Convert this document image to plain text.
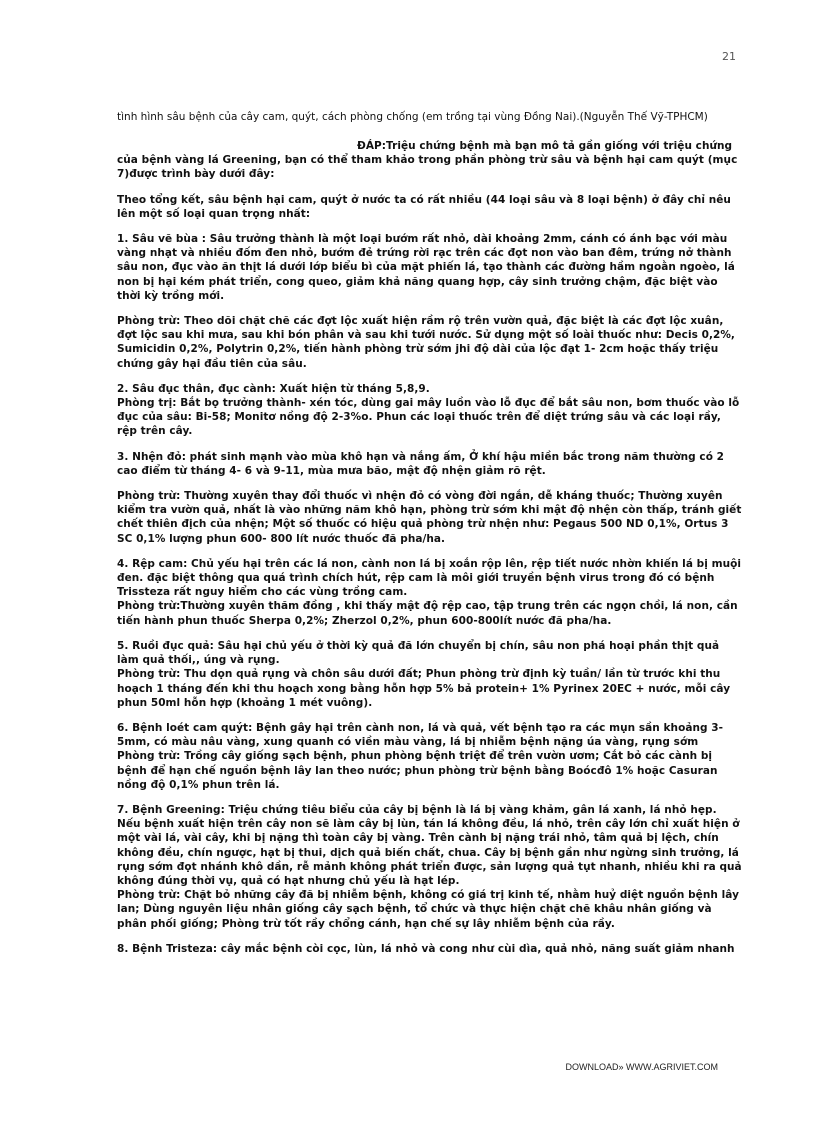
21
tình hình sâu bệnh của cây cam, quýt, cách phòng chống (em trồng tại vùng Đồng Nai).(Nguyễn Thế Vỹ-TPHCM)

ĐÁP:Triệu chứng bệnh mà bạn mô tả gần giống với triệu chứng của bệnh vàng lá Greening, bạn có thể tham khảo trong phần phòng trừ sâu và bệnh hại cam quýt (mục 7)được trình bày dưới đây:

Theo tổng kết, sâu bệnh hại cam, quýt ở nước ta có rất nhiều (44 loại sâu và 8 loại bệnh) ở đây chỉ nêu lên một số loại quan trọng nhất:

1. Sâu vẽ bùa : Sâu trưởng thành là một loại bướm rất nhỏ, dài khoảng 2mm, cánh có ánh bạc với màu vàng nhạt và nhiều đốm đen nhỏ, bướm đẻ trứng rời rạc trên các đọt non vào ban đêm, trứng nở thành sâu non, đục vào ăn thịt lá dưới lớp biểu bì của mặt phiến lá, tạo thành các đường hầm ngoằn ngoèo, lá non bị hại kém phát triển, cong queo, giảm khả năng quang hợp, cây sinh trưởng chậm, đặc biệt vào thời kỳ trồng mới.

Phòng trừ: Theo dõi chặt chẽ các đợt lộc xuất hiện rầm rộ trên vườn quả, đặc biệt là các đợt lộc xuân, đợt lộc sau khi mưa, sau khi bón phân và sau khi tưới nước. Sử dụng một số loài thuốc như: Decis 0,2%, Sumicidin 0,2%, Polytrin 0,2%, tiến hành phòng trừ sớm jhi độ dài của lộc đạt 1- 2cm hoặc thấy triệu chứng gây hại đầu tiên của sâu.

2. Sâu đục thân, đục cành: Xuất hiện từ tháng 5,8,9.
Phòng trị: Bắt bọ trưởng thành- xén tóc, dùng gai mây luồn vào lỗ đục để bắt sâu non, bơm thuốc vào lỗ đục của sâu: Bi-58; Monitơ nồng độ 2-3%o. Phun các loại thuốc trên để diệt trứng sâu và các loại rầy, rệp trên cây.

3. Nhện đỏ: phát sinh mạnh vào mùa khô hạn và nắng ấm, Ở khí hậu miền bắc trong năm thường có 2 cao điểm từ tháng 4- 6 và 9-11, mùa mưa bão, mật độ nhện giảm rõ rệt.

Phòng trừ: Thường xuyên thay đổi thuốc vì nhện đỏ có vòng đời ngắn, dễ kháng thuốc; Thường xuyên kiểm tra vườn quả, nhất là vào những năm khô hạn, phòng trừ sớm khi mật độ nhện còn thấp, tránh giết chết thiên địch của nhện; Một số thuốc có hiệu quả phòng trừ nhện như: Pegaus 500 ND 0,1%, Ortus 3 SC 0,1% lượng phun 600- 800 lít nước thuốc đã pha/ha.

4. Rệp cam: Chủ yếu hại trên các lá non, cành non lá bị xoắn rộp lên, rệp tiết nước nhờn khiến lá bị muội đen. đặc biệt thông qua quá trình chích hút, rệp cam là môi giới truyền bệnh virus trong đó có bệnh Trissteza rất nguy hiểm cho các vùng trồng cam.
Phòng trừ:Thường xuyên thăm đồng , khi thấy mật độ rệp cao, tập trung trên các ngọn chồi, lá non, cần tiến hành phun thuốc Sherpa 0,2%; Zherzol 0,2%, phun 600-800lít nước đã pha/ha.

5. Ruồi đục quả: Sâu hại chủ yếu ở thời kỳ quả đã lớn chuyển bị chín, sâu non phá hoại phần thịt quả làm quả thối,, úng và rụng.
Phòng trừ: Thu dọn quả rụng và chôn sâu dưới đất; Phun phòng trừ định kỳ tuần/ lần từ trước khi thu hoạch 1 tháng đến khi thu hoạch xong bằng hỗn hợp 5% bả protein+ 1% Pyrinex 20EC + nước, mỗi cây phun 50ml hỗn hợp (khoảng 1 mét vuông).

6. Bệnh loét cam quýt: Bệnh gây hại trên cành non, lá và quả, vết bệnh tạo ra các mụn sần khoảng 3-5mm, có màu nâu vàng, xung quanh có viền màu vàng, lá bị nhiễm bệnh nặng úa vàng, rụng sớm
Phòng trừ: Trồng cây giống sạch bệnh, phun phòng bệnh triệt để trên vườn ươm; Cắt bỏ các cành bị bệnh để hạn chế nguồn bệnh lây lan theo nước; phun phòng trừ bệnh bằng Boócđô 1% hoặc Casuran nồng độ 0,1% phun trên lá.

7. Bệnh Greening: Triệu chứng tiêu biểu của cây bị bệnh là lá bị vàng khảm, gân lá xanh, lá nhỏ hẹp. Nếu bệnh xuất hiện trên cây non sẽ làm cây bị lùn, tán lá không đều, lá nhỏ, trên cây lớn chỉ xuất hiện ở một vài lá, vài cây, khi bị nặng thì toàn cây bị vàng. Trên cành bị nặng trái nhỏ, tâm quả bị lệch, chín không đều, chín ngược, hạt bị thui, dịch quả biến chất, chua. Cây bị bệnh gần như ngừng sinh trưởng, lá rụng sớm đọt nhánh khô dần, rễ mảnh không phát triển được, sản lượng quả tụt nhanh, nhiều khi ra quả không đúng thời vụ, quả có hạt nhưng chủ yếu là hạt lép.
Phòng trừ: Chặt bỏ những cây đã bị nhiễm bệnh, không có giá trị kinh tế, nhằm huỷ diệt nguồn bệnh lây lan; Dùng nguyên liệu nhân giống cây sạch bệnh, tổ chức và thực hiện chặt chẽ khâu nhân giống và phân phối giống; Phòng trừ tốt rầy chổng cánh, hạn chế sự lây nhiễm bệnh của rầy.

8. Bệnh Tristeza: cây mắc bệnh còi cọc, lùn, lá nhỏ và cong như cùi dìa, quả nhỏ, năng suất giảm nhanh

DOWNLOAD» WWW.AGRIVIET.COM
